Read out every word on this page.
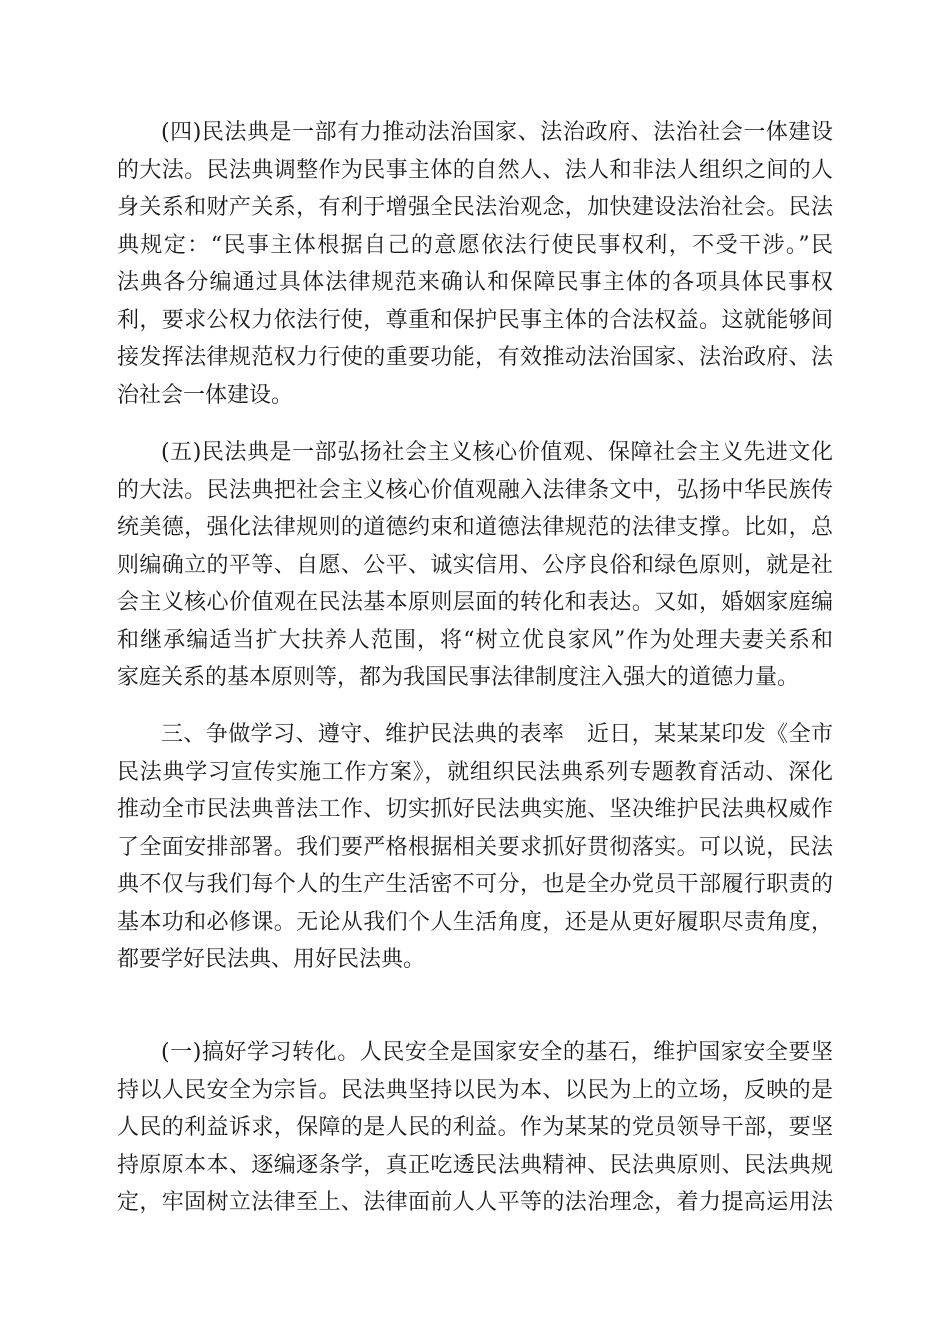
(四)民法典是一部有力推动法治国家、法治政府、法治社会一体建设
的大法。民法典调整作为民事主体的自然人、法人和非法人组织之间的人
身关系和财产关系，有利于增强全民法治观念，加快建设法治社会。民法
典规定：“民事主体根据自己的意愿依法行使民事权利，不受干涉。”民
法典各分编通过具体法律规范来确认和保障民事主体的各项具体民事权
利，要求公权力依法行使，尊重和保护民事主体的合法权益。这就能够间
接发挥法律规范权力行使的重要功能，有效推动法治国家、法治政府、法
治社会一体建设。
(五)民法典是一部弘扬社会主义核心价值观、保障社会主义先进文化
的大法。民法典把社会主义核心价值观融入法律条文中，弘扬中华民族传
统美德，强化法律规则的道德约束和道德法律规范的法律支撑。比如，总
则编确立的平等、自愿、公平、诚实信用、公序良俗和绿色原则，就是社
会主义核心价值观在民法基本原则层面的转化和表达。又如，婚姻家庭编
和继承编适当扩大扶养人范围，将“树立优良家风”作为处理夫妻关系和
家庭关系的基本原则等，都为我国民事法律制度注入强大的道德力量。
三、争做学习、遵守、维护民法典的表率　近日，某某某印发《全市
民法典学习宣传实施工作方案》，就组织民法典系列专题教育活动、深化
推动全市民法典普法工作、切实抓好民法典实施、坚决维护民法典权威作
了全面安排部署。我们要严格根据相关要求抓好贯彻落实。可以说，民法
典不仅与我们每个人的生产生活密不可分，也是全办党员干部履行职责的
基本功和必修课。无论从我们个人生活角度，还是从更好履职尽责角度，
都要学好民法典、用好民法典。
(一)搞好学习转化。人民安全是国家安全的基石，维护国家安全要坚
持以人民安全为宗旨。民法典坚持以民为本、以民为上的立场，反映的是
人民的利益诉求，保障的是人民的利益。作为某某的党员领导干部，要坚
持原原本本、逐编逐条学，真正吃透民法典精神、民法典原则、民法典规
定，牢固树立法律至上、法律面前人人平等的法治理念，着力提高运用法
